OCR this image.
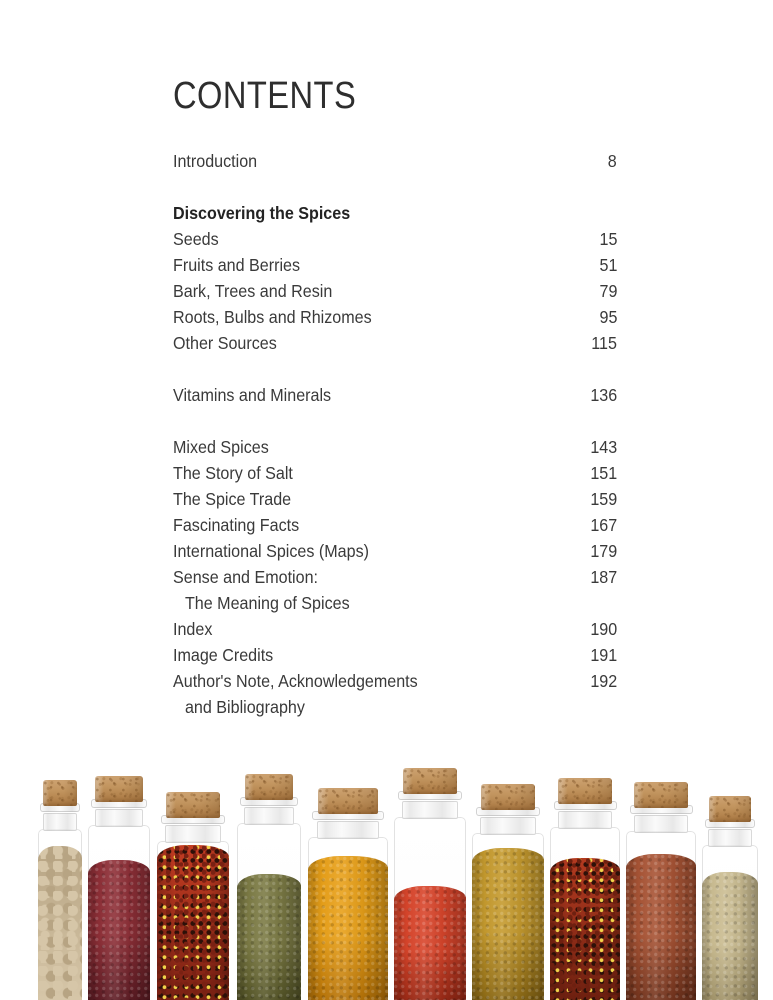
CONTENTS
Introduction	8
Discovering the Spices
Seeds	15
Fruits and Berries	51
Bark, Trees and Resin	79
Roots, Bulbs and Rhizomes	95
Other Sources	115
Vitamins and Minerals	136
Mixed Spices	143
The Story of Salt	151
The Spice Trade	159
Fascinating Facts	167
International Spices (Maps)	179
Sense and Emotion:	187
The Meaning of Spices
Index	190
Image Credits	191
Author's Note, Acknowledgements	192
and Bibliography
